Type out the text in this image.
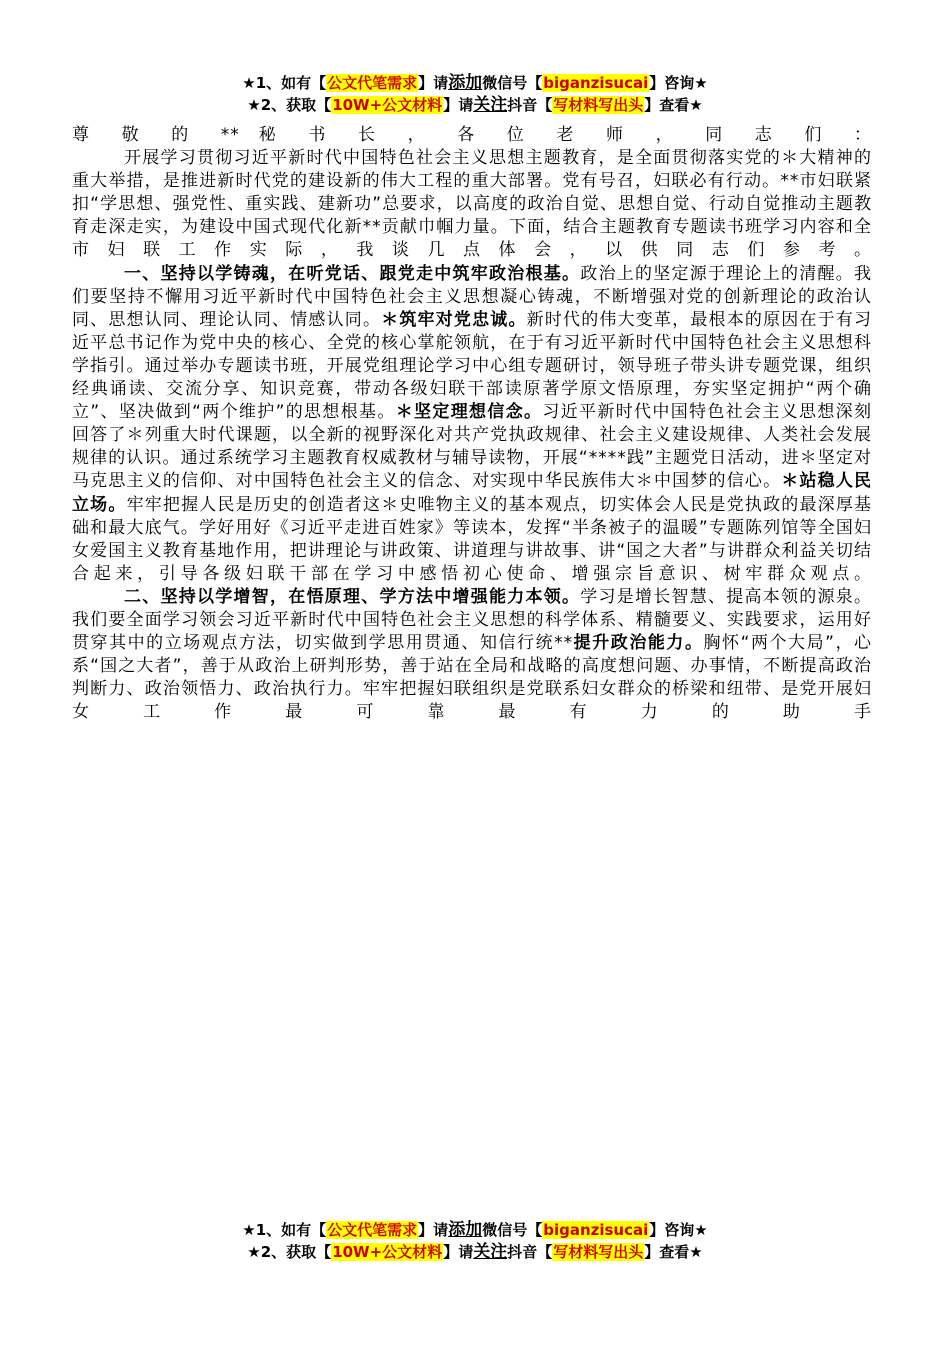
★1、如有【公文代笔需求】请添加微信号【biganzisucai】咨询★
★2、获取【10W+公文材料】请关注抖音【写材料写出头】查看★

尊 敬 的 ** 秘 书 长 ， 各 位 老 师 ， 同 志 们 ：

开展学习贯彻习近平新时代中国特色社会主义思想主题教育，是全面贯彻落实党的＊大精神的重大举措，是推进新时代党的建设新的伟大工程的重大部署。党有号召，妇联必有行动。**市妇联紧扣“学思想、强党性、重实践、建新功”总要求，以高度的政治自觉、思想自觉、行动自觉推动主题教育走深走实，为建设中国式现代化新**贡献巾帼力量。下面，结合主题教育专题读书班学习内容和全市妇联工作实际，我谈几点体会，以供同志们参考。

一、坚持以学铸魂，在听党话、跟党走中筑牢政治根基。政治上的坚定源于理论上的清醒。我们要坚持不懈用习近平新时代中国特色社会主义思想凝心铸魂，不断增强对党的创新理论的政治认同、思想认同、理论认同、情感认同。＊筑牢对党忠诚。新时代的伟大变革，最根本的原因在于有习近平总书记作为党中央的核心、全党的核心掌舵领航，在于有习近平新时代中国特色社会主义思想科学指引。通过举办专题读书班，开展党组理论学习中心组专题研讨，领导班子带头讲专题党课，组织经典诵读、交流分享、知识竞赛，带动各级妇联干部读原著学原文悟原理，夯实坚定拥护“两个确立”、坚决做到“两个维护”的思想根基。＊坚定理想信念。习近平新时代中国特色社会主义思想深刻回答了＊列重大时代课题，以全新的视野深化对共产党执政规律、社会主义建设规律、人类社会发展规律的认识。通过系统学习主题教育权威教材与辅导读物，开展“****践”主题党日活动，进＊坚定对马克思主义的信仰、对中国特色社会主义的信念、对实现中华民族伟大＊中国梦的信心。＊站稳人民立场。牢牢把握人民是历史的创造者这＊史唯物主义的基本观点，切实体会人民是党执政的最深厚基础和最大底气。学好用好《习近平走进百姓家》等读本，发挥“半条被子的温暖”专题陈列馆等全国妇女爱国主义教育基地作用，把讲理论与讲政策、讲道理与讲故事、讲“国之大者”与讲群众利益关切结合起来，引导各级妇联干部在学习中感悟初心使命、增强宗旨意识、树牢群众观点。

二、坚持以学增智，在悟原理、学方法中增强能力本领。学习是增长智慧、提高本领的源泉。我们要全面学习领会习近平新时代中国特色社会主义思想的科学体系、精髓要义、实践要求，运用好贯穿其中的立场观点方法，切实做到学思用贯通、知信行统**提升政治能力。胸怀“两个大局”，心系“国之大者”，善于从政治上研判形势，善于站在全局和战略的高度想问题、办事情，不断提高政治判断力、政治领悟力、政治执行力。牢牢把握妇联组织是党联系妇女群众的桥梁和纽带、是党开展妇女工作最可靠最有力的助手

★1、如有【公文代笔需求】请添加微信号【biganzisucai】咨询★
★2、获取【10W+公文材料】请关注抖音【写材料写出头】查看★
